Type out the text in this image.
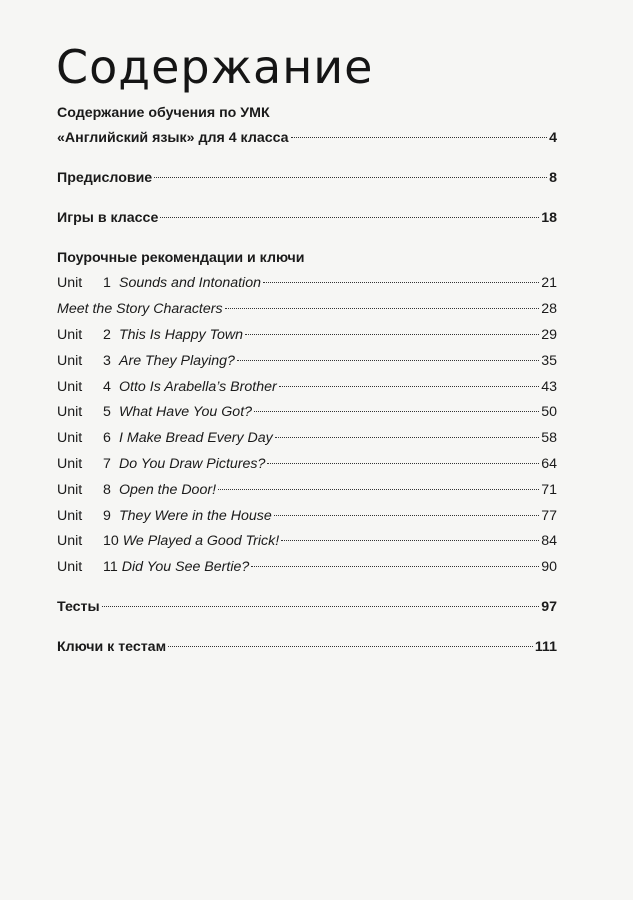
Содержание
Содержание обучения по УМК
«Английский язык» для 4 класса	4
Предисловие	8
Игры в классе	18
Поурочные рекомендации и ключи
Unit 1 Sounds and Intonation	21
Meet the Story Characters	28
Unit 2 This Is Happy Town	29
Unit 3 Are They Playing?	35
Unit 4 Otto Is Arabella’s Brother	43
Unit 5 What Have You Got?	50
Unit 6 I Make Bread Every Day	58
Unit 7 Do You Draw Pictures?	64
Unit 8 Open the Door!	71
Unit 9 They Were in the House	77
Unit 10 We Played a Good Trick!	84
Unit 11 Did You See Bertie?	90
Тесты	97
Ключи к тестам	111
